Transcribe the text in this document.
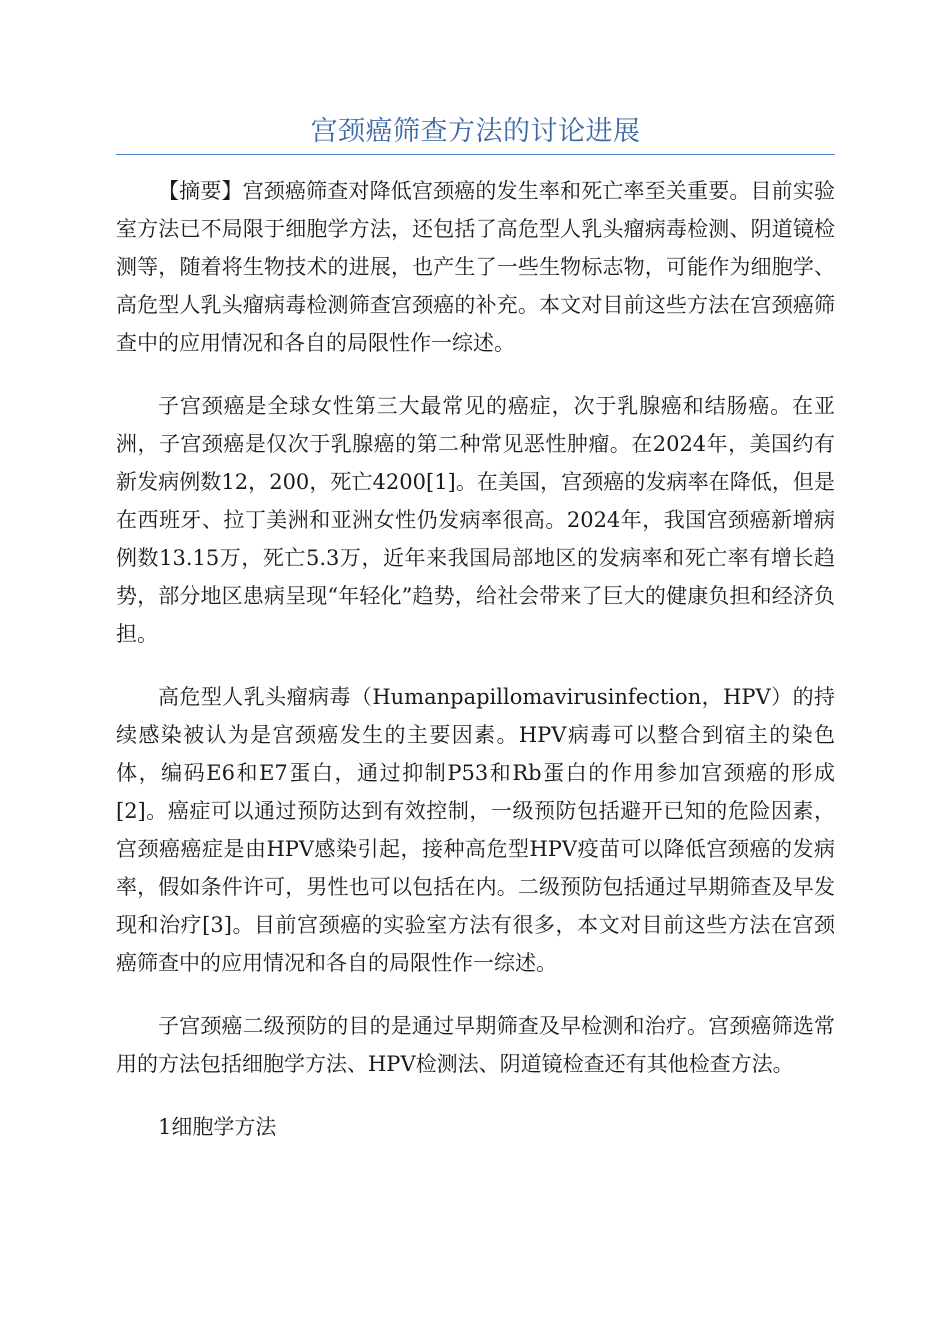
宫颈癌筛查方法的讨论进展

【摘要】宫颈癌筛查对降低宫颈癌的发生率和死亡率至关重要。目前实验室方法已不局限于细胞学方法，还包括了高危型人乳头瘤病毒检测、阴道镜检测等，随着将生物技术的进展，也产生了一些生物标志物，可能作为细胞学、高危型人乳头瘤病毒检测筛查宫颈癌的补充。本文对目前这些方法在宫颈癌筛查中的应用情况和各自的局限性作一综述。

子宫颈癌是全球女性第三大最常见的癌症，次于乳腺癌和结肠癌。在亚洲，子宫颈癌是仅次于乳腺癌的第二种常见恶性肿瘤。在2024年，美国约有新发病例数12，200，死亡4200[1]。在美国，宫颈癌的发病率在降低，但是在西班牙、拉丁美洲和亚洲女性仍发病率很高。2024年，我国宫颈癌新增病例数13.15万，死亡5.3万，近年来我国局部地区的发病率和死亡率有增长趋势，部分地区患病呈现“年轻化”趋势，给社会带来了巨大的健康负担和经济负担。

高危型人乳头瘤病毒（Humanpapillomavirusinfection，HPV）的持续感染被认为是宫颈癌发生的主要因素。HPV病毒可以整合到宿主的染色体，编码E6和E7蛋白，通过抑制P53和Rb蛋白的作用参加宫颈癌的形成[2]。癌症可以通过预防达到有效控制，一级预防包括避开已知的危险因素，宫颈癌癌症是由HPV感染引起，接种高危型HPV疫苗可以降低宫颈癌的发病率，假如条件许可，男性也可以包括在内。二级预防包括通过早期筛查及早发现和治疗[3]。目前宫颈癌的实验室方法有很多，本文对目前这些方法在宫颈癌筛查中的应用情况和各自的局限性作一综述。

子宫颈癌二级预防的目的是通过早期筛查及早检测和治疗。宫颈癌筛选常用的方法包括细胞学方法、HPV检测法、阴道镜检查还有其他检查方法。

1细胞学方法
